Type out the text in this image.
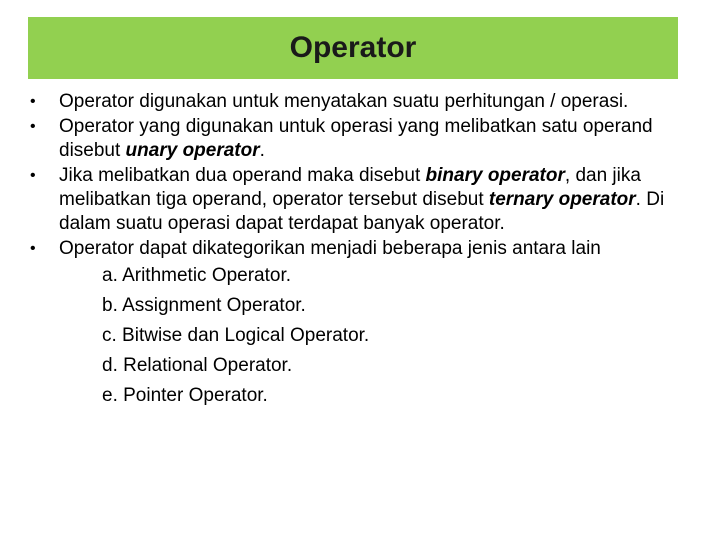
Operator
• Operator digunakan untuk menyatakan suatu perhitungan / operasi.
• Operator yang digunakan untuk operasi yang melibatkan satu operand disebut unary operator.
• Jika melibatkan dua operand maka disebut binary operator, dan jika melibatkan tiga operand, operator tersebut disebut ternary operator. Di dalam suatu operasi dapat terdapat banyak operator.
• Operator dapat dikategorikan menjadi beberapa jenis antara lain
a. Arithmetic Operator.
b. Assignment Operator.
c. Bitwise dan Logical Operator.
d. Relational Operator.
e. Pointer Operator.
